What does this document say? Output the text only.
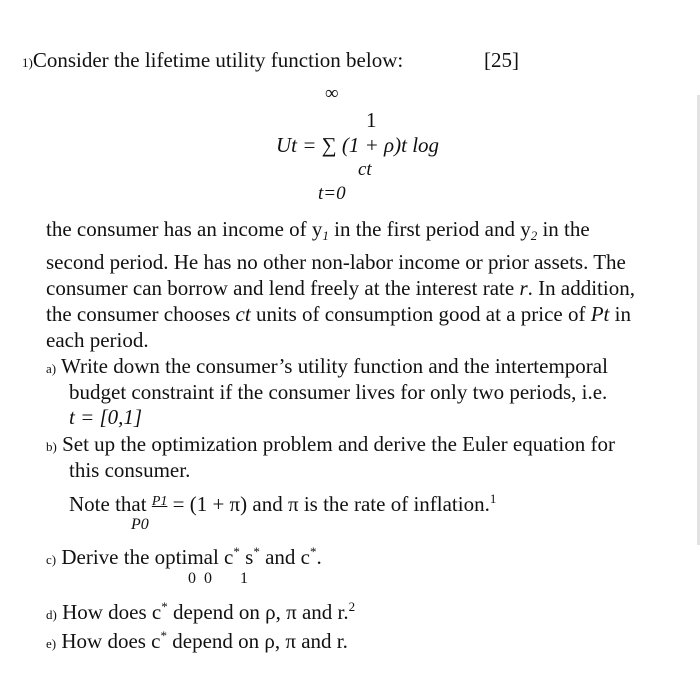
1)Consider the lifetime utility function below:	[25]
∞
1
Ut = ∑ (1 + ρ)t log
ct
t=0
the consumer has an income of $y_1$ in the first period and $y_2$ in the
second period. He has no other non-labor income or prior assets. The
consumer can borrow and lend freely at the interest rate r. In addition,
the consumer chooses ct units of consumption good at a price of Pt in
each period.
a) Write down the consumer’s utility function and the intertemporal
budget constraint if the consumer lives for only two periods, i.e.
t = [0,1]
b) Set up the optimization problem and derive the Euler equation for
this consumer.
Note that $^{P1}$ = (1 + π) and π is the rate of inflation.$^1$
P0
c) Derive the optimal c* s* and c*.
0  0       1
d) How does c* depend on ρ, π and r.$^2$
e) How does c* depend on ρ, π and r.
